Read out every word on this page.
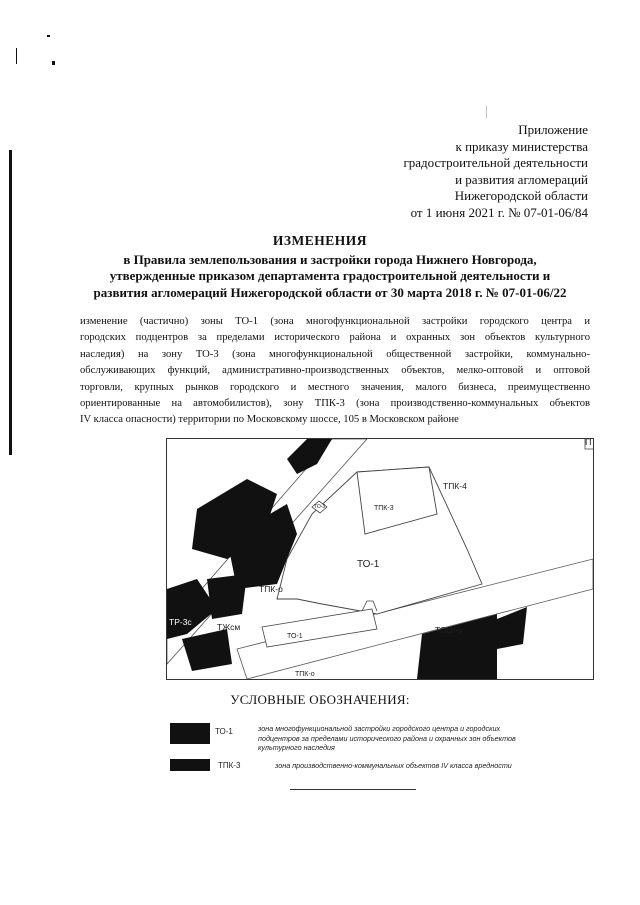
Приложение
к приказу министерства
градостроительной деятельности
и развития агломераций
Нижегородской области
от 1 июня 2021 г. № 07-01-06/84
ИЗМЕНЕНИЯ
в Правила землепользования и застройки города Нижнего Новгорода,
утвержденные приказом департамента градостроительной деятельности и
развития агломераций Нижегородской области от 30 марта 2018 г. № 07-01-06/22
изменение (частично) зоны ТО-1 (зона многофункциональной застройки городского центра и
городских подцентров за пределами исторического района и охранных зон объектов культурного
наследия) на зону ТО-3 (зона многофункциональной общественной застройки, коммунально-
обслуживающих функций, административно-производственных объектов, мелко-оптовой и оптовой
торговли, крупных рынков городского и местного значения, малого бизнеса, преимущественно
ориентированные на автомобилистов), зону ТПК-3 (зона производственно-коммунальных объектов
IV класса опасности) территории по Московскому шоссе, 105 в Московском районе
ТПК-4
ТПК-3
ТО-3
ТО-1
ТО-1
ТПК-о
ТР-3с	ТЖсм	ТОсп-у
ТПК-о
П
УСЛОВНЫЕ ОБОЗНАЧЕНИЯ:
ТО-1	зона многофункциональной застройки городского центра и городских
подцентров за пределами исторического района и охранных зон объектов
культурного наследия
ТПК-3	зона производственно-коммунальных объектов IV класса вредности
